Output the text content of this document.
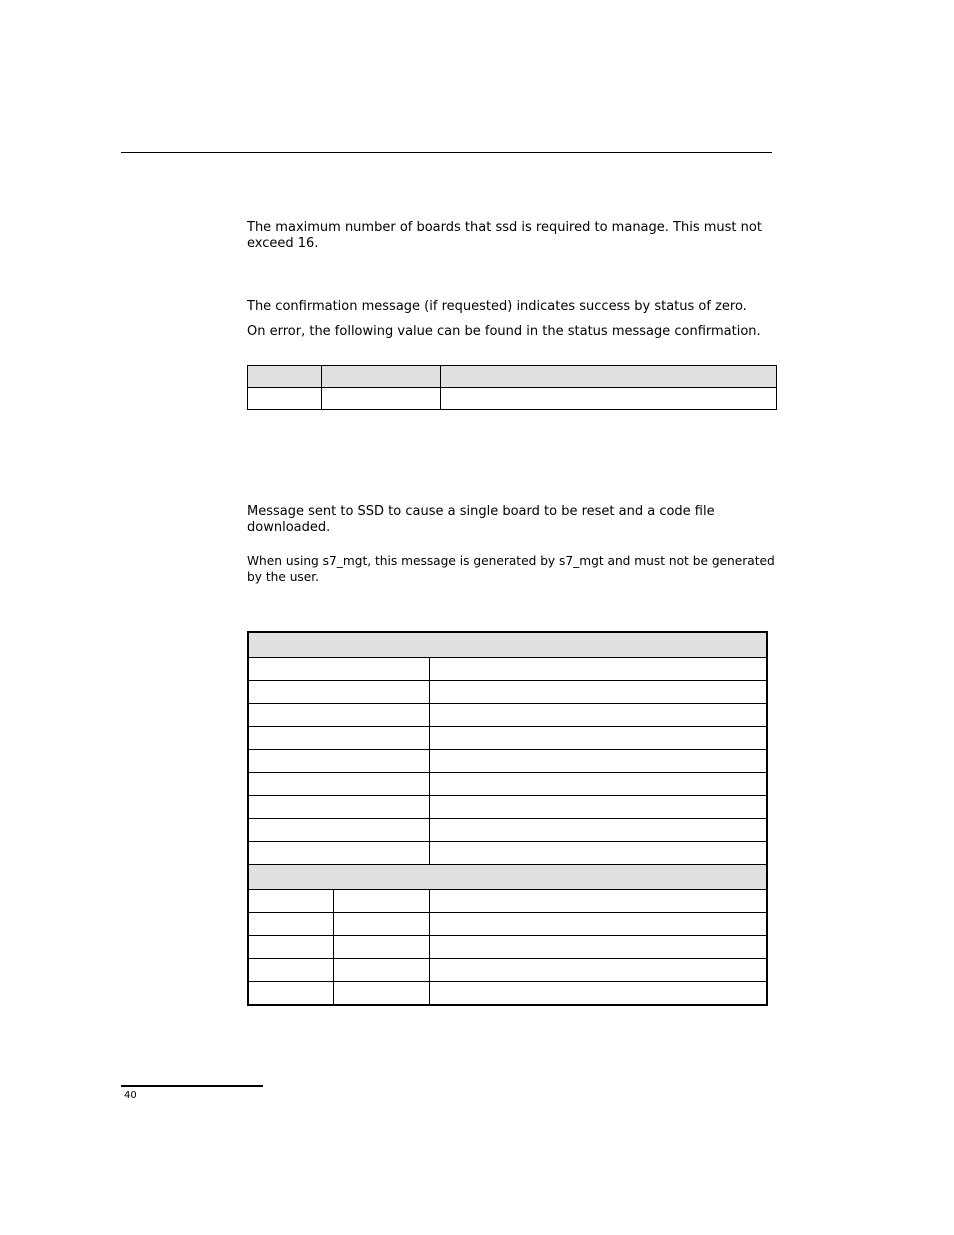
The maximum number of boards that ssd is required to manage. This must not exceed 16.

The confirmation message (if requested) indicates success by status of zero.

On error, the following value can be found in the status message confirmation.

Message sent to SSD to cause a single board to be reset and a code file downloaded.

When using s7_mgt, this message is generated by s7_mgt and must not be generated by the user.

40
